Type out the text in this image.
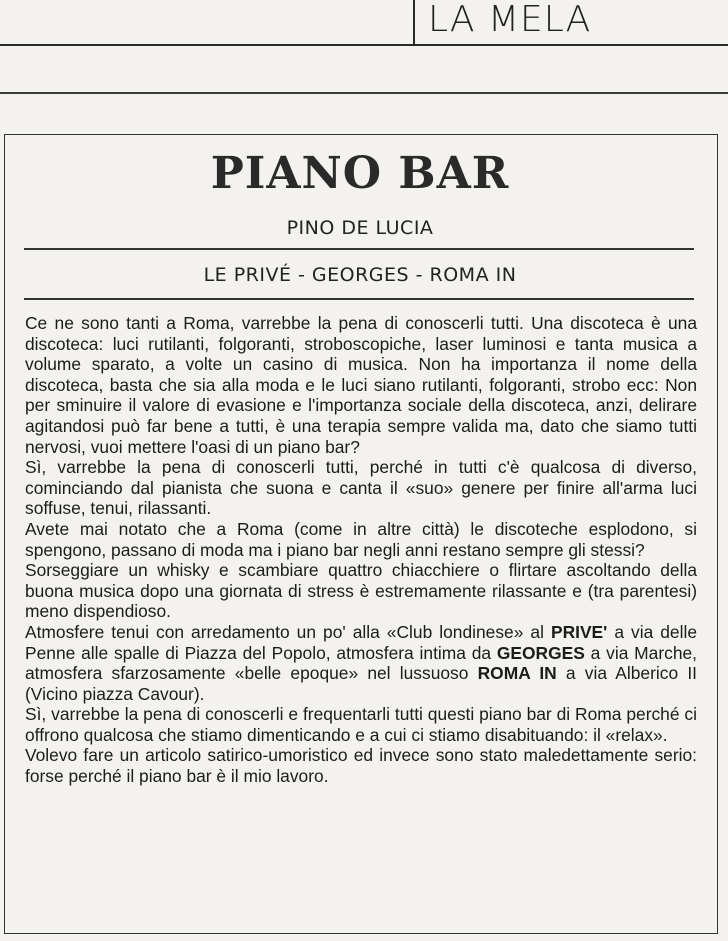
LA MELA
PIANO BAR
PINO DE LUCIA
LE PRIVÉ - GEORGES - ROMA IN

Ce ne sono tanti a Roma, varrebbe la pena di conoscerli tutti. Una discoteca è una discoteca: luci rutilanti, folgoranti, stroboscopiche, laser luminosi e tanta musica a volume sparato, a volte un casino di musica. Non ha importanza il nome della discoteca, basta che sia alla moda e le luci siano rutilanti, folgoranti, strobo ecc: Non per sminuire il valore di evasione e l'importanza sociale della discoteca, anzi, delirare agitandosi può far bene a tutti, è una terapia sempre valida ma, dato che siamo tutti nervosi, vuoi mettere l'oasi di un piano bar?

Sì, varrebbe la pena di conoscerli tutti, perché in tutti c'è qualcosa di diverso, cominciando dal pianista che suona e canta il «suo» genere per finire all'arma luci soffuse, tenui, rilassanti.

Avete mai notato che a Roma (come in altre città) le discoteche esplodono, si spengono, passano di moda ma i piano bar negli anni restano sempre gli stessi?

Sorseggiare un whisky e scambiare quattro chiacchiere o flirtare ascoltando della buona musica dopo una giornata di stress è estremamente rilassante e (tra parentesi) meno dispendioso.

Atmosfere tenui con arredamento un po' alla «Club londinese» al PRIVE' a via delle Penne alle spalle di Piazza del Popolo, atmosfera intima da GEORGES a via Marche, atmosfera sfarzosamente «belle epoque» nel lussuoso ROMA IN a via Alberico II (Vicino piazza Cavour).

Sì, varrebbe la pena di conoscerli e frequentarli tutti questi piano bar di Roma perché ci offrono qualcosa che stiamo dimenticando e a cui ci stiamo disabituando: il «relax».

Volevo fare un articolo satirico-umoristico ed invece sono stato maledettamente serio: forse perché il piano bar è il mio lavoro.
